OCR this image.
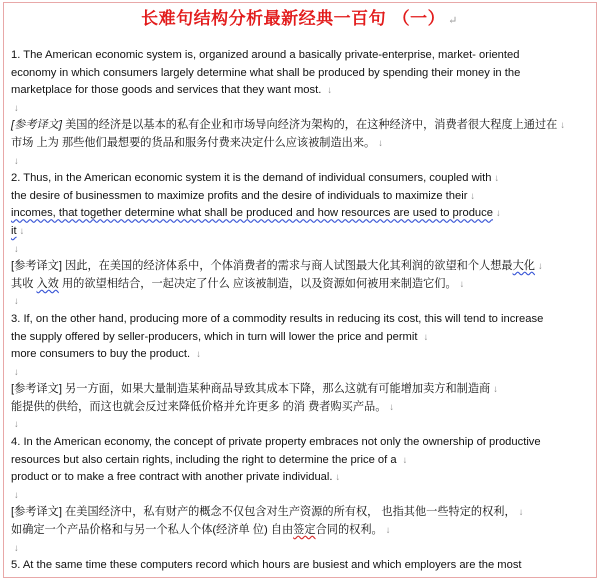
长难句结构分析最新经典一百句 （一） ↵

1. The American economic system is, organized around a basically private-enterprise, market- oriented

economy in which consumers largely determine what shall be produced by spending their money in the

marketplace for those goods and services that they want most. ↓

↓

[参考译文] 美国的经济是以基本的私有企业和市场导向经济为架构的，在这种经济中，消费者很大程度上通过在 ↓

市场 上为 那些他们最想要的货品和服务付费来决定什么应该被制造出来。 ↓

↓

2. Thus, in the American economic system it is the demand of individual consumers, coupled with ↓

the desire of businessmen to maximize profits and the desire of individuals to maximize their ↓

incomes, that together determine what shall be produced and how resources are used to produce ↓

it ↓

↓

[参考译文] 因此，在美国的经济体系中，个体消费者的需求与商人试图最大化其利润的欲望和个人想最大化 ↓

其收 入效 用的欲望相结合，一起决定了什么 应该被制造，以及资源如何被用来制造它们。 ↓

↓

3. If, on the other hand, producing more of a commodity results in reducing its cost, this will tend to increase

the supply offered by seller-producers, which in turn will lower the price and permit ↓

more consumers to buy the product. ↓

↓

[参考译文] 另一方面，如果大量制造某种商品导致其成本下降，那么这就有可能增加卖方和制造商 ↓

能提供的供给，而这也就会反过来降低价格并允许更多 的消 费者购买产品。 ↓

↓

4. In the American economy, the concept of private property embraces not only the ownership of productive

resources but also certain rights, including the right to determine the price of a ↓

product or to make a free contract with another private individual. ↓

↓

[参考译文] 在美国经济中，私有财产的概念不仅包含对生产资源的所有权， 也指其他一些特定的权利， ↓

如确定一个产品价格和与另一个私人个体(经济单 位) 自由签定合同的权利。 ↓

↓

5. At the same time these computers record which hours are busiest and which employers are the most
